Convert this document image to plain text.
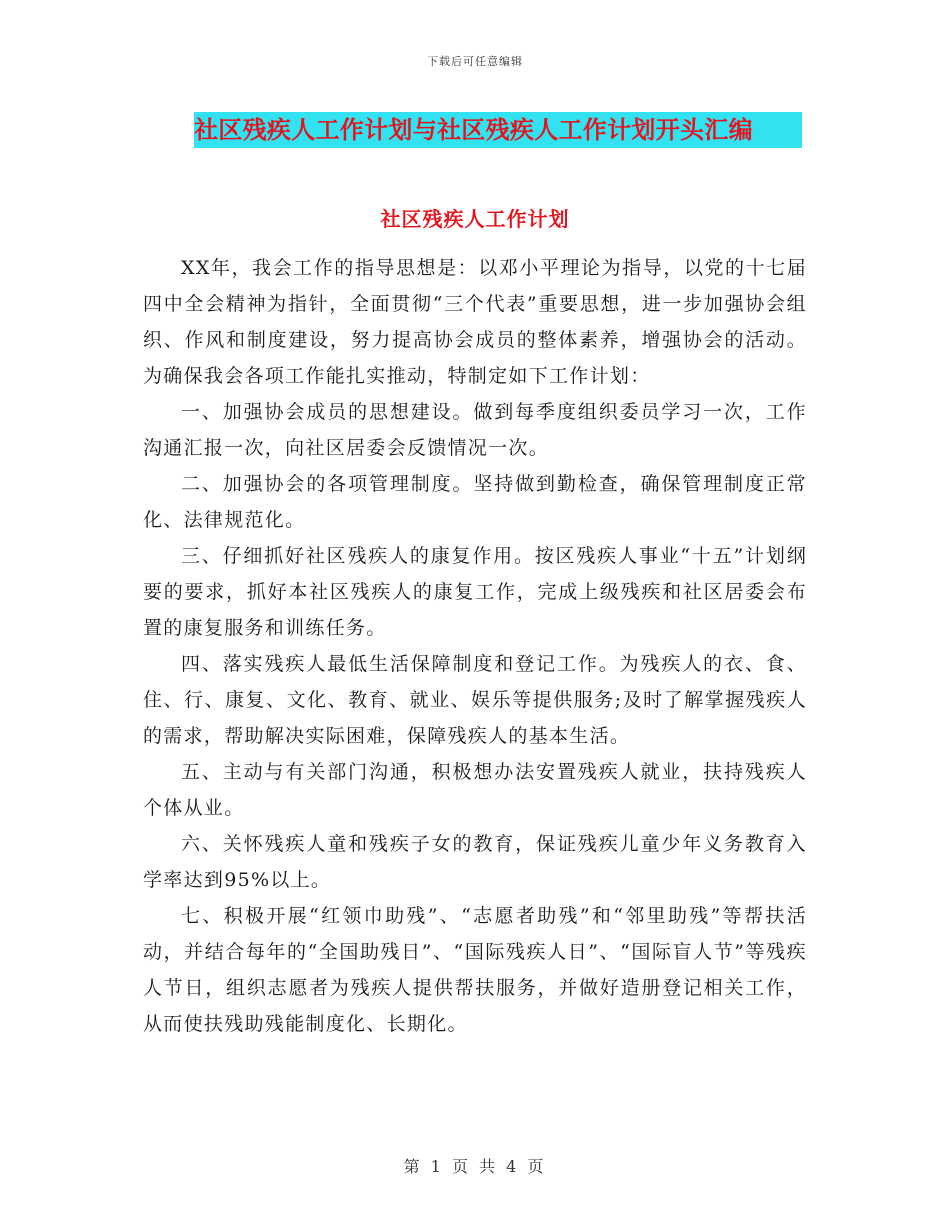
下载后可任意编辑
社区残疾人工作计划与社区残疾人工作计划开头汇编
社区残疾人工作计划

XX年，我会工作的指导思想是：以邓小平理论为指导，以党的十七届四中全会精神为指针，全面贯彻“三个代表”重要思想，进一步加强协会组织、作风和制度建设，努力提高协会成员的整体素养，增强协会的活动。为确保我会各项工作能扎实推动，特制定如下工作计划：

一、加强协会成员的思想建设。做到每季度组织委员学习一次，工作沟通汇报一次，向社区居委会反馈情况一次。

二、加强协会的各项管理制度。坚持做到勤检查，确保管理制度正常化、法律规范化。

三、仔细抓好社区残疾人的康复作用。按区残疾人事业“十五”计划纲要的要求，抓好本社区残疾人的康复工作，完成上级残疾和社区居委会布置的康复服务和训练任务。

四、落实残疾人最低生活保障制度和登记工作。为残疾人的衣、食、住、行、康复、文化、教育、就业、娱乐等提供服务;及时了解掌握残疾人的需求，帮助解决实际困难，保障残疾人的基本生活。

五、主动与有关部门沟通，积极想办法安置残疾人就业，扶持残疾人个体从业。

六、关怀残疾人童和残疾子女的教育，保证残疾儿童少年义务教育入学率达到95%以上。

七、积极开展“红领巾助残”、“志愿者助残”和“邻里助残”等帮扶活动，并结合每年的“全国助残日”、“国际残疾人日”、“国际盲人节”等残疾人节日，组织志愿者为残疾人提供帮扶服务，并做好造册登记相关工作，从而使扶残助残能制度化、长期化。

第 1 页 共 4 页
